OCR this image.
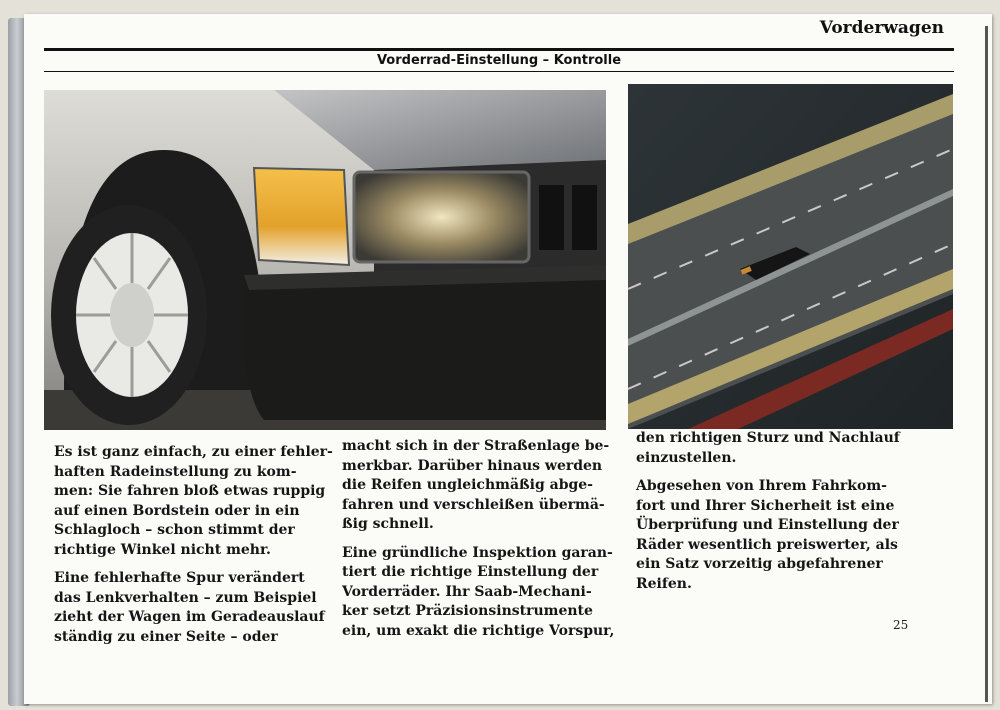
Vorderwagen
Vorderrad-Einstellung – Kontrolle

Es ist ganz einfach, zu einer fehler-
haften Radeinstellung zu kom-
men: Sie fahren bloß etwas ruppig
auf einen Bordstein oder in ein
Schlagloch – schon stimmt der
richtige Winkel nicht mehr.

Eine fehlerhafte Spur verändert
das Lenkverhalten – zum Beispiel
zieht der Wagen im Geradeauslauf
ständig zu einer Seite – oder

macht sich in der Straßenlage be-
merkbar. Darüber hinaus werden
die Reifen ungleichmäßig abge-
fahren und verschleißen übermä-
ßig schnell.

Eine gründliche Inspektion garan-
tiert die richtige Einstellung der
Vorderräder. Ihr Saab-Mechani-
ker setzt Präzisionsinstrumente
ein, um exakt die richtige Vorspur,

den richtigen Sturz und Nachlauf
einzustellen.

Abgesehen von Ihrem Fahrkom-
fort und Ihrer Sicherheit ist eine
Überprüfung und Einstellung der
Räder wesentlich preiswerter, als
ein Satz vorzeitig abgefahrener
Reifen.

25
